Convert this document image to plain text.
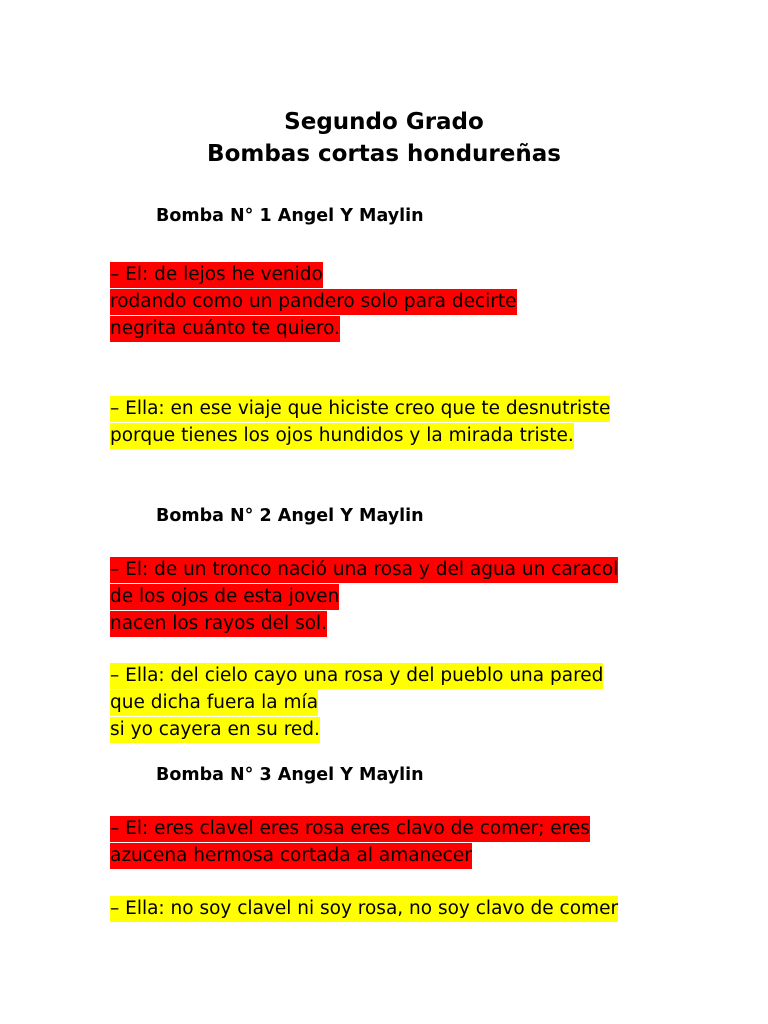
Segundo Grado
Bombas cortas hondureñas
Bomba N° 1 Angel Y Maylin
– El: de lejos he venido
rodando como un pandero solo para decirte
negrita cuánto te quiero.
– Ella: en ese viaje que hiciste creo que te desnutriste
porque tienes los ojos hundidos y la mirada triste.
Bomba N° 2 Angel Y Maylin
– El: de un tronco nació una rosa y del agua un caracol
de los ojos de esta joven
nacen los rayos del sol.
– Ella: del cielo cayo una rosa y del pueblo una pared
que dicha fuera la mía
si yo cayera en su red.
Bomba N° 3 Angel Y Maylin
– El: eres clavel eres rosa eres clavo de comer; eres
azucena hermosa cortada al amanecer
– Ella: no soy clavel ni soy rosa, no soy clavo de comer
